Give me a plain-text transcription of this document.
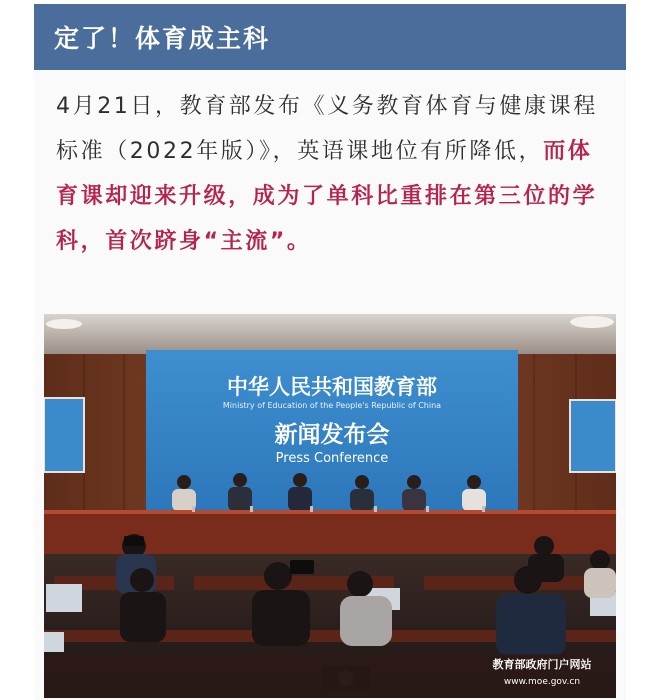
定了！体育成主科
4月21日，教育部发布《义务教育体育与健康课程标准（2022年版）》，英语课地位有所降低，而体育课却迎来升级，成为了单科比重排在第三位的学科，首次跻身“主流”。
中华人民共和国教育部
Ministry of Education of the People's Republic of China
新闻发布会
Press Conference
教育部政府门户网站
www.moe.gov.cn
